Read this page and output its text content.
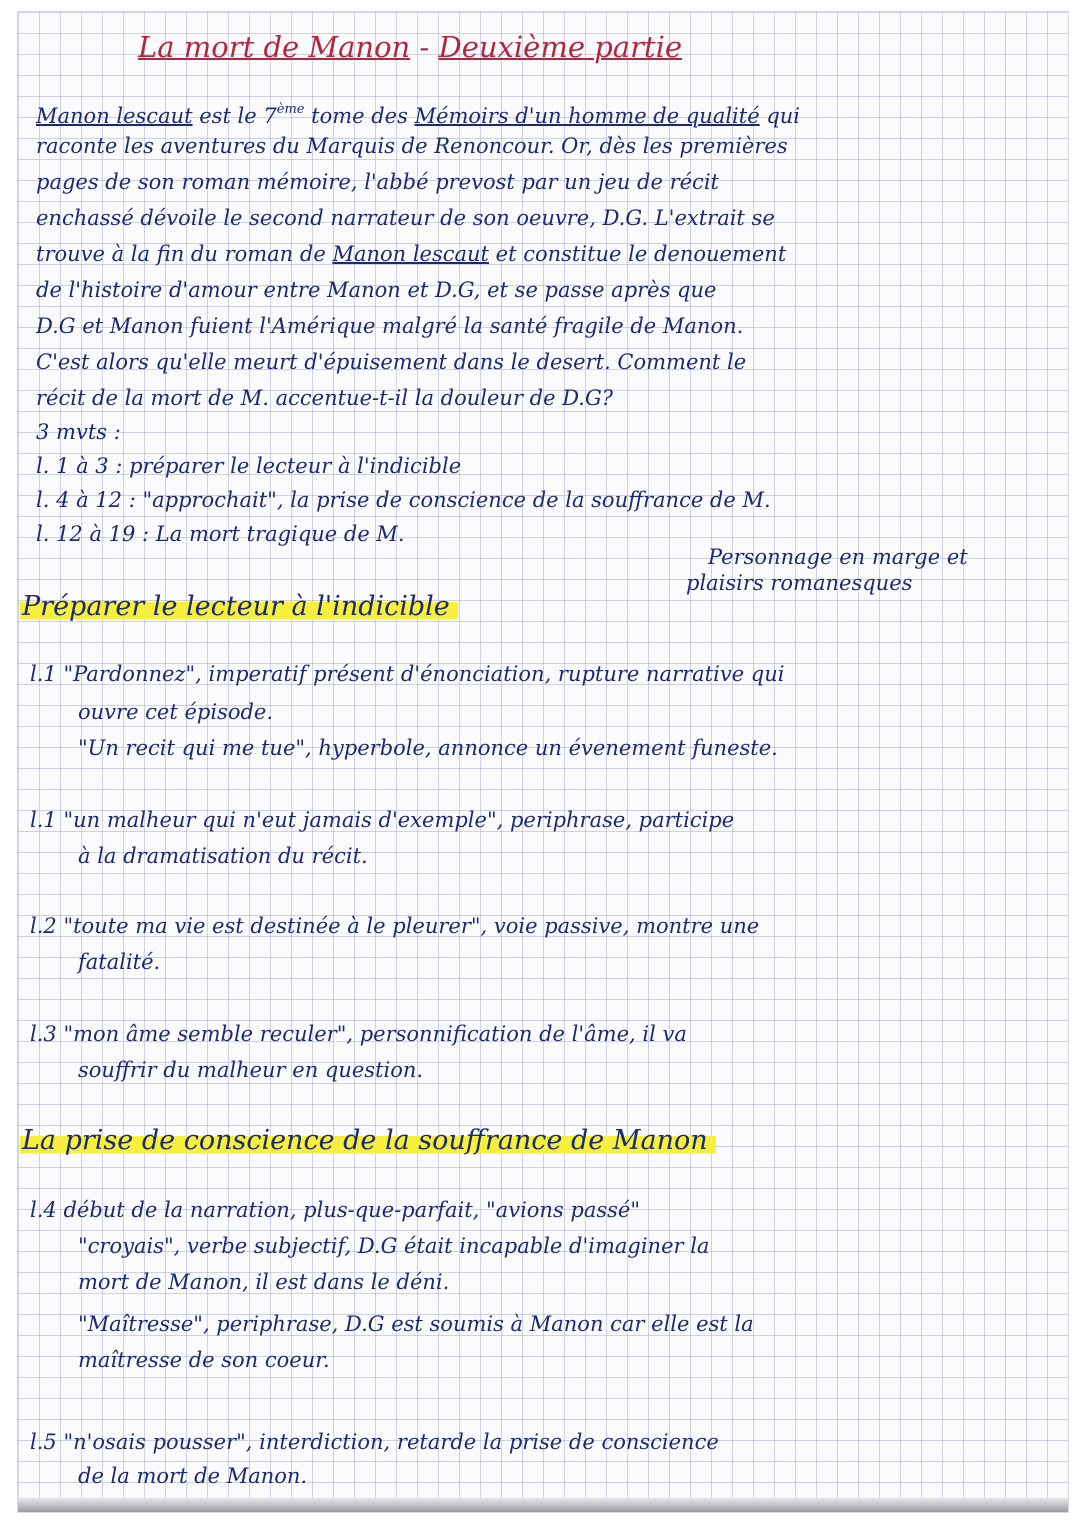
La mort de Manon - Deuxième partie
Manon lescaut est le 7ème tome des Mémoirs d'un homme de qualité qui
raconte les aventures du Marquis de Renoncour. Or, dès les premières
pages de son roman mémoire, l'abbé prevost par un jeu de récit
enchassé dévoile le second narrateur de son oeuvre, D.G. L'extrait se
trouve à la fin du roman de Manon lescaut et constitue le denouement
de l'histoire d'amour entre Manon et D.G, et se passe après que
D.G et Manon fuient l'Amérique malgré la santé fragile de Manon.
C'est alors qu'elle meurt d'épuisement dans le desert. Comment le
récit de la mort de M. accentue-t-il la douleur de D.G?
3 mvts :
l. 1 à 3 : préparer le lecteur à l'indicible
l. 4 à 12 : "approchait", la prise de conscience de la souffrance de M.
l. 12 à 19 : La mort tragique de M.
Personnage en marge et
plaisirs romanesques
Préparer le lecteur à l'indicible
l.1 "Pardonnez", imperatif présent d'énonciation, rupture narrative qui
ouvre cet épisode.
"Un recit qui me tue", hyperbole, annonce un évenement funeste.
l.1 "un malheur qui n'eut jamais d'exemple", periphrase, participe
à la dramatisation du récit.
l.2 "toute ma vie est destinée à le pleurer", voie passive, montre une
fatalité.
l.3 "mon âme semble reculer", personnification de l'âme, il va
souffrir du malheur en question.
La prise de conscience de la souffrance de Manon
l.4 début de la narration, plus-que-parfait, "avions passé"
"croyais", verbe subjectif, D.G était incapable d'imaginer la
mort de Manon, il est dans le déni.
"Maîtresse", periphrase, D.G est soumis à Manon car elle est la
maîtresse de son coeur.
l.5 "n'osais pousser", interdiction, retarde la prise de conscience
de la mort de Manon.
